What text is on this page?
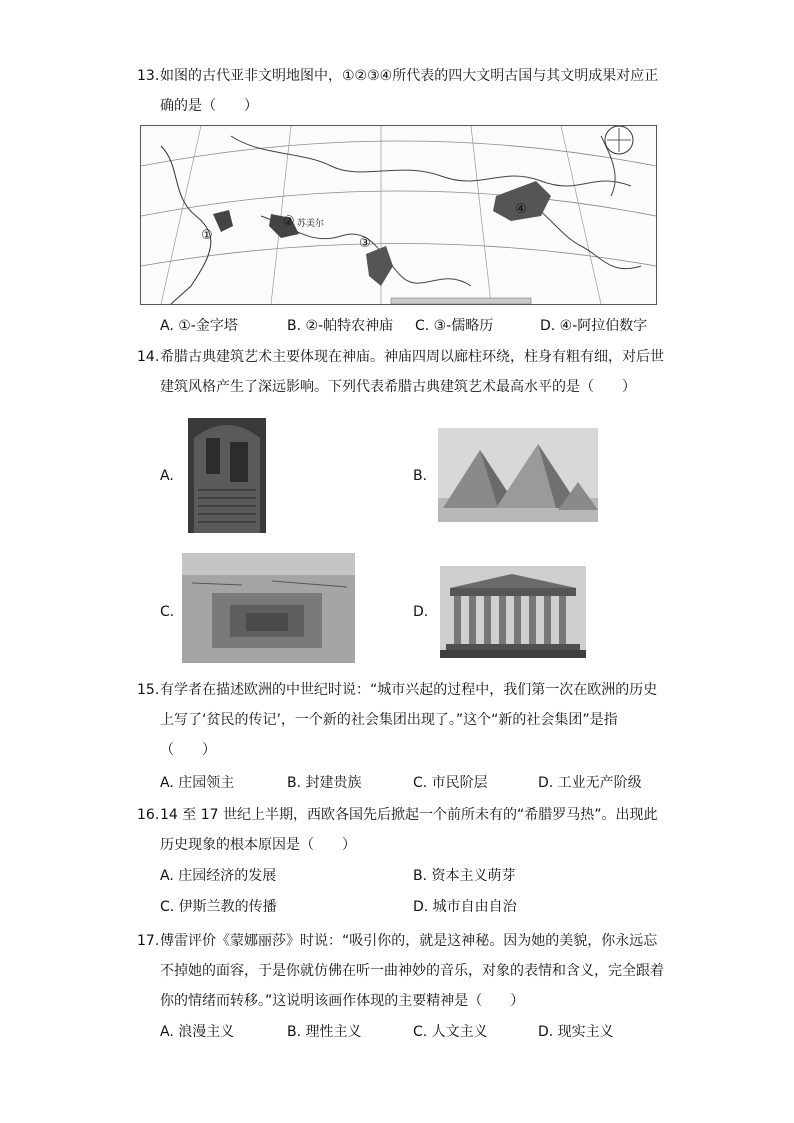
13. 如图的古代亚非文明地图中，①②③④所代表的四大文明古国与其文明成果对应正
确的是（　　）
①
② 苏美尔
③
④
A. ①-金字塔	B. ②-帕特农神庙 C. ③-儒略历	D. ④-阿拉伯数字
14. 希腊古典建筑艺术主要体现在神庙。神庙四周以廊柱环绕，柱身有粗有细，对后世
建筑风格产生了深远影响。下列代表希腊古典建筑艺术最高水平的是（　　）
A.	B.
C.	D.
15. 有学者在描述欧洲的中世纪时说：“城市兴起的过程中，我们第一次在欧洲的历史
上写了‘贫民的传记’，一个新的社会集团出现了。”这个“新的社会集团”是指
（　　）
A. 庄园领主	B. 封建贵族	C. 市民阶层	D. 工业无产阶级
16. 14 至 17 世纪上半期，西欧各国先后掀起一个前所未有的“希腊罗马热”。出现此
历史现象的根本原因是（　　）
A. 庄园经济的发展	B. 资本主义萌芽
C. 伊斯兰教的传播	D. 城市自由自治
17. 傅雷评价《蒙娜丽莎》时说：“吸引你的，就是这神秘。因为她的美貌，你永远忘
不掉她的面容，于是你就仿佛在听一曲神妙的音乐，对象的表情和含义，完全跟着
你的情绪而转移。”这说明该画作体现的主要精神是（　　）
A. 浪漫主义	B. 理性主义	C. 人文主义	D. 现实主义
